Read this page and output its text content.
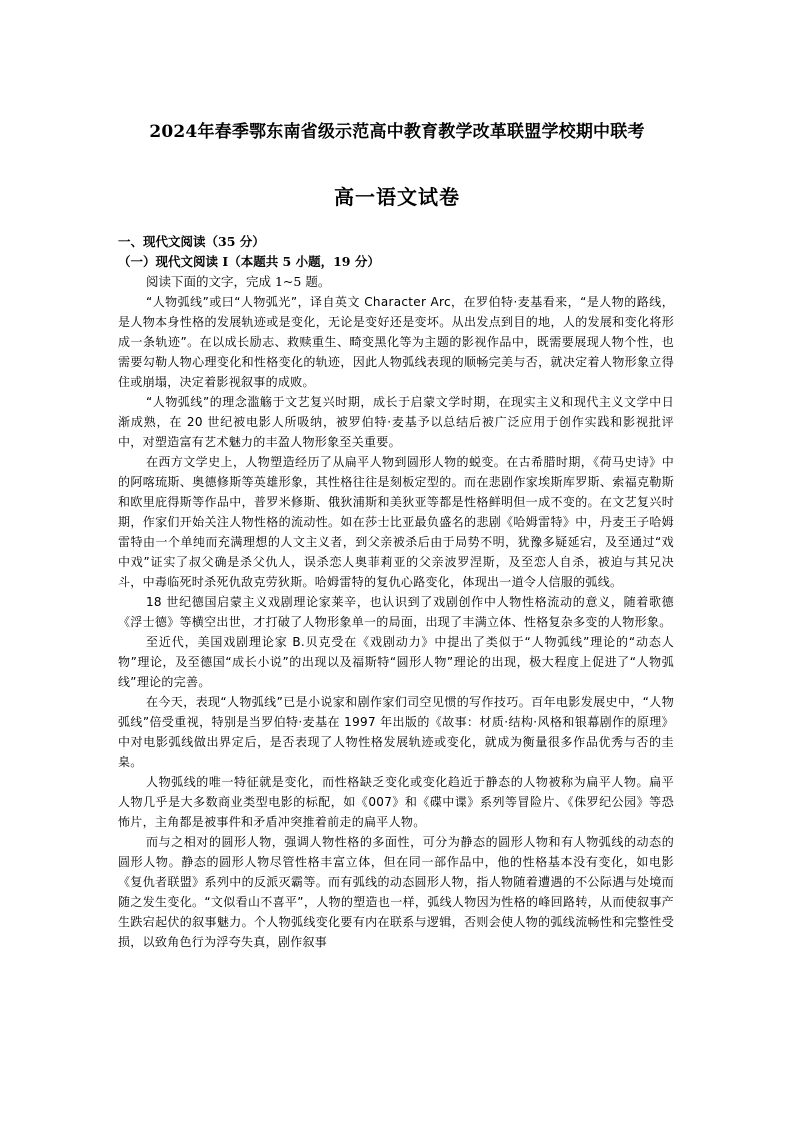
2024年春季鄂东南省级示范高中教育教学改革联盟学校期中联考
高一语文试卷

一、现代文阅读（35 分）

（一）现代文阅读 I（本题共 5 小题，19 分）

阅读下面的文字，完成 1~5 题。

“人物弧线”或曰“人物弧光”，译自英文 Character Arc，在罗伯特·麦基看来，“是人物的路线，是人物本身性格的发展轨迹或是变化，无论是变好还是变坏。从出发点到目的地，人的发展和变化将形成一条轨迹”。在以成长励志、救赎重生、畸变黑化等为主题的影视作品中，既需要展现人物个性，也需要勾勒人物心理变化和性格变化的轨迹，因此人物弧线表现的顺畅完美与否，就决定着人物形象立得住或崩塌，决定着影视叙事的成败。

“人物弧线”的理念滥觞于文艺复兴时期，成长于启蒙文学时期，在现实主义和现代主义文学中日渐成熟，在 20 世纪被电影人所吸纳，被罗伯特·麦基予以总结后被广泛应用于创作实践和影视批评中，对塑造富有艺术魅力的丰盈人物形象至关重要。

在西方文学史上，人物塑造经历了从扁平人物到圆形人物的蜕变。在古希腊时期，《荷马史诗》中的阿喀琉斯、奥德修斯等英雄形象，其性格往往是刻板定型的。而在悲剧作家埃斯库罗斯、索福克勒斯和欧里庇得斯等作品中，普罗米修斯、俄狄浦斯和美狄亚等都是性格鲜明但一成不变的。在文艺复兴时期，作家们开始关注人物性格的流动性。如在莎士比亚最负盛名的悲剧《哈姆雷特》中，丹麦王子哈姆雷特由一个单纯而充满理想的人文主义者，到父亲被杀后由于局势不明，犹豫多疑延宕，及至通过“戏中戏”证实了叔父确是杀父仇人，误杀恋人奥菲莉亚的父亲波罗涅斯，及至恋人自杀，被迫与其兄决斗，中毒临死时杀死仇敌克劳狄斯。哈姆雷特的复仇心路变化，体现出一道令人信服的弧线。

18 世纪德国启蒙主义戏剧理论家莱辛，也认识到了戏剧创作中人物性格流动的意义，随着歌德《浮士德》等横空出世，才打破了人物形象单一的局面，出现了丰满立体、性格复杂多变的人物形象。

至近代，美国戏剧理论家 B.贝克受在《戏剧动力》中提出了类似于“人物弧线”理论的“动态人物”理论，及至德国“成长小说”的出现以及福斯特“圆形人物”理论的出现，极大程度上促进了“人物弧线”理论的完善。

在今天，表现“人物弧线”已是小说家和剧作家们司空见惯的写作技巧。百年电影发展史中，“人物弧线”倍受重视，特别是当罗伯特·麦基在 1997 年出版的《故事：材质·结构·风格和银幕剧作的原理》中对电影弧线做出界定后，是否表现了人物性格发展轨迹或变化，就成为衡量很多作品优秀与否的圭臬。

人物弧线的唯一特征就是变化，而性格缺乏变化或变化趋近于静态的人物被称为扁平人物。扁平人物几乎是大多数商业类型电影的标配，如《007》和《碟中谍》系列等冒险片、《侏罗纪公园》等恐怖片，主角都是被事件和矛盾冲突推着前走的扁平人物。

而与之相对的圆形人物，强调人物性格的多面性，可分为静态的圆形人物和有人物弧线的动态的圆形人物。静态的圆形人物尽管性格丰富立体，但在同一部作品中，他的性格基本没有变化，如电影《复仇者联盟》系列中的反派灭霸等。而有弧线的动态圆形人物，指人物随着遭遇的不公际遇与处境而随之发生变化。“文似看山不喜平”，人物的塑造也一样，弧线人物因为性格的峰回路转，从而使叙事产生跌宕起伏的叙事魅力。个人物弧线变化要有内在联系与逻辑，否则会使人物的弧线流畅性和完整性受损，以致角色行为浮夸失真，剧作叙事
